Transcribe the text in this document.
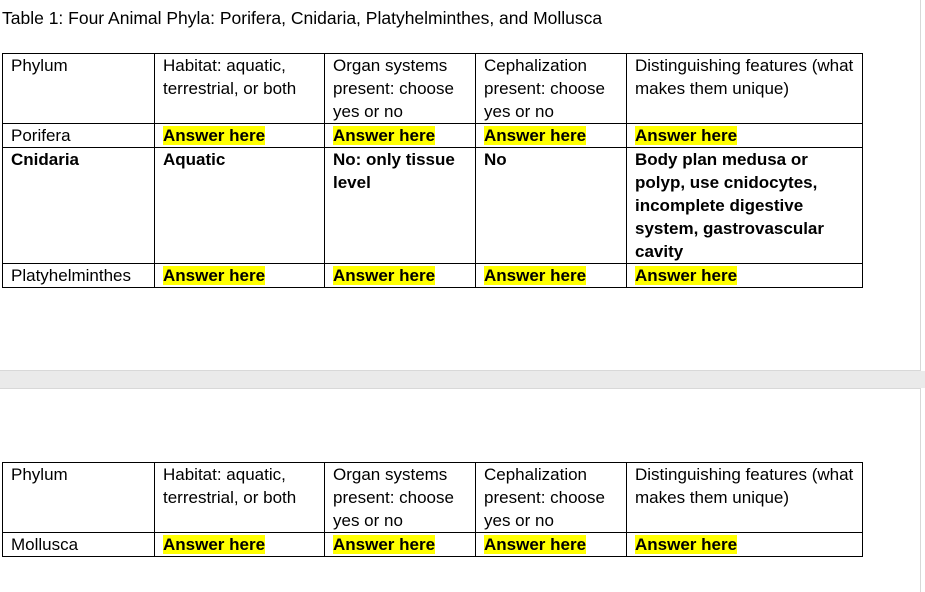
Table 1: Four Animal Phyla: Porifera, Cnidaria, Platyhelminthes, and Mollusca
Phylum	Habitat: aquatic, terrestrial, or both	Organ systems present: choose yes or no	Cephalization present: choose yes or no	Distinguishing features (what makes them unique)
Porifera	Answer here	Answer here	Answer here	Answer here
Cnidaria	Aquatic	No: only tissue level	No	Body plan medusa or polyp, use cnidocytes, incomplete digestive system, gastrovascular cavity
Platyhelminthes	Answer here	Answer here	Answer here	Answer here
Phylum	Habitat: aquatic, terrestrial, or both	Organ systems present: choose yes or no	Cephalization present: choose yes or no	Distinguishing features (what makes them unique)
Mollusca	Answer here	Answer here	Answer here	Answer here
